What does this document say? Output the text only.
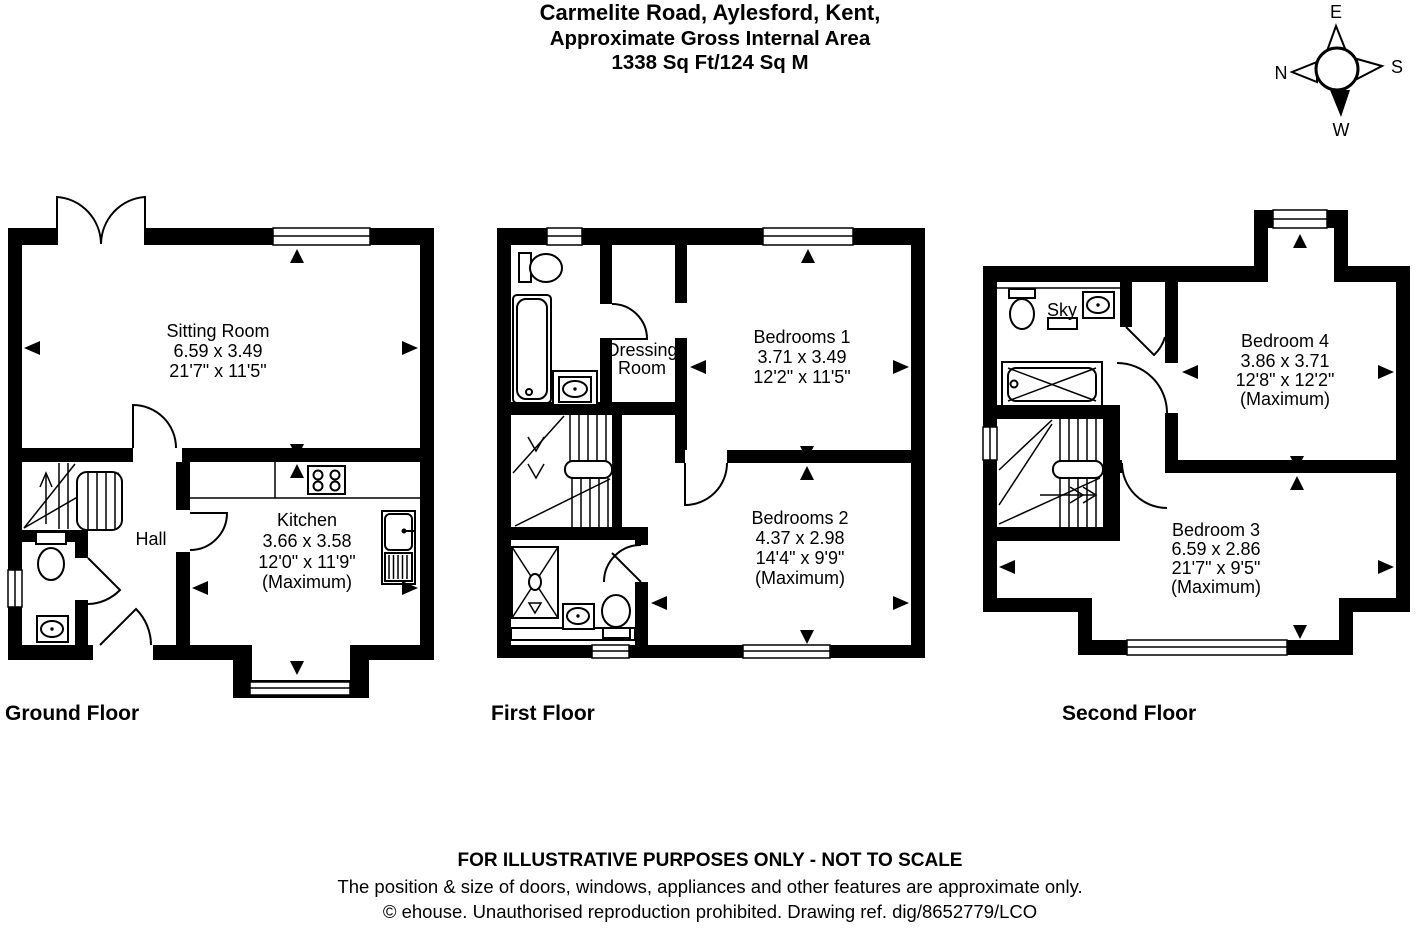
Carmelite Road, Aylesford, Kent,
Approximate Gross Internal Area
1338 Sq Ft/124 Sq M
E
N	S
W
Sitting Room
6.59 x 3.49
21'7" x 11'5"
Hall
Kitchen
3.66 x 3.58
12'0" x 11'9"
(Maximum)
Ground Floor
Dressing
Room
Bedrooms 1
3.71 x 3.49
12'2" x 11'5"
Bedrooms 2
4.37 x 2.98
14'4" x 9'9"
(Maximum)
First Floor
Sky
Bedroom 4
3.86 x 3.71
12'8" x 12'2"
(Maximum)
Bedroom 3
6.59 x 2.86
21'7" x 9'5"
(Maximum)
Second Floor
FOR ILLUSTRATIVE PURPOSES ONLY - NOT TO SCALE
The position & size of doors, windows, appliances and other features are approximate only.
© ehouse. Unauthorised reproduction prohibited. Drawing ref. dig/8652779/LCO
